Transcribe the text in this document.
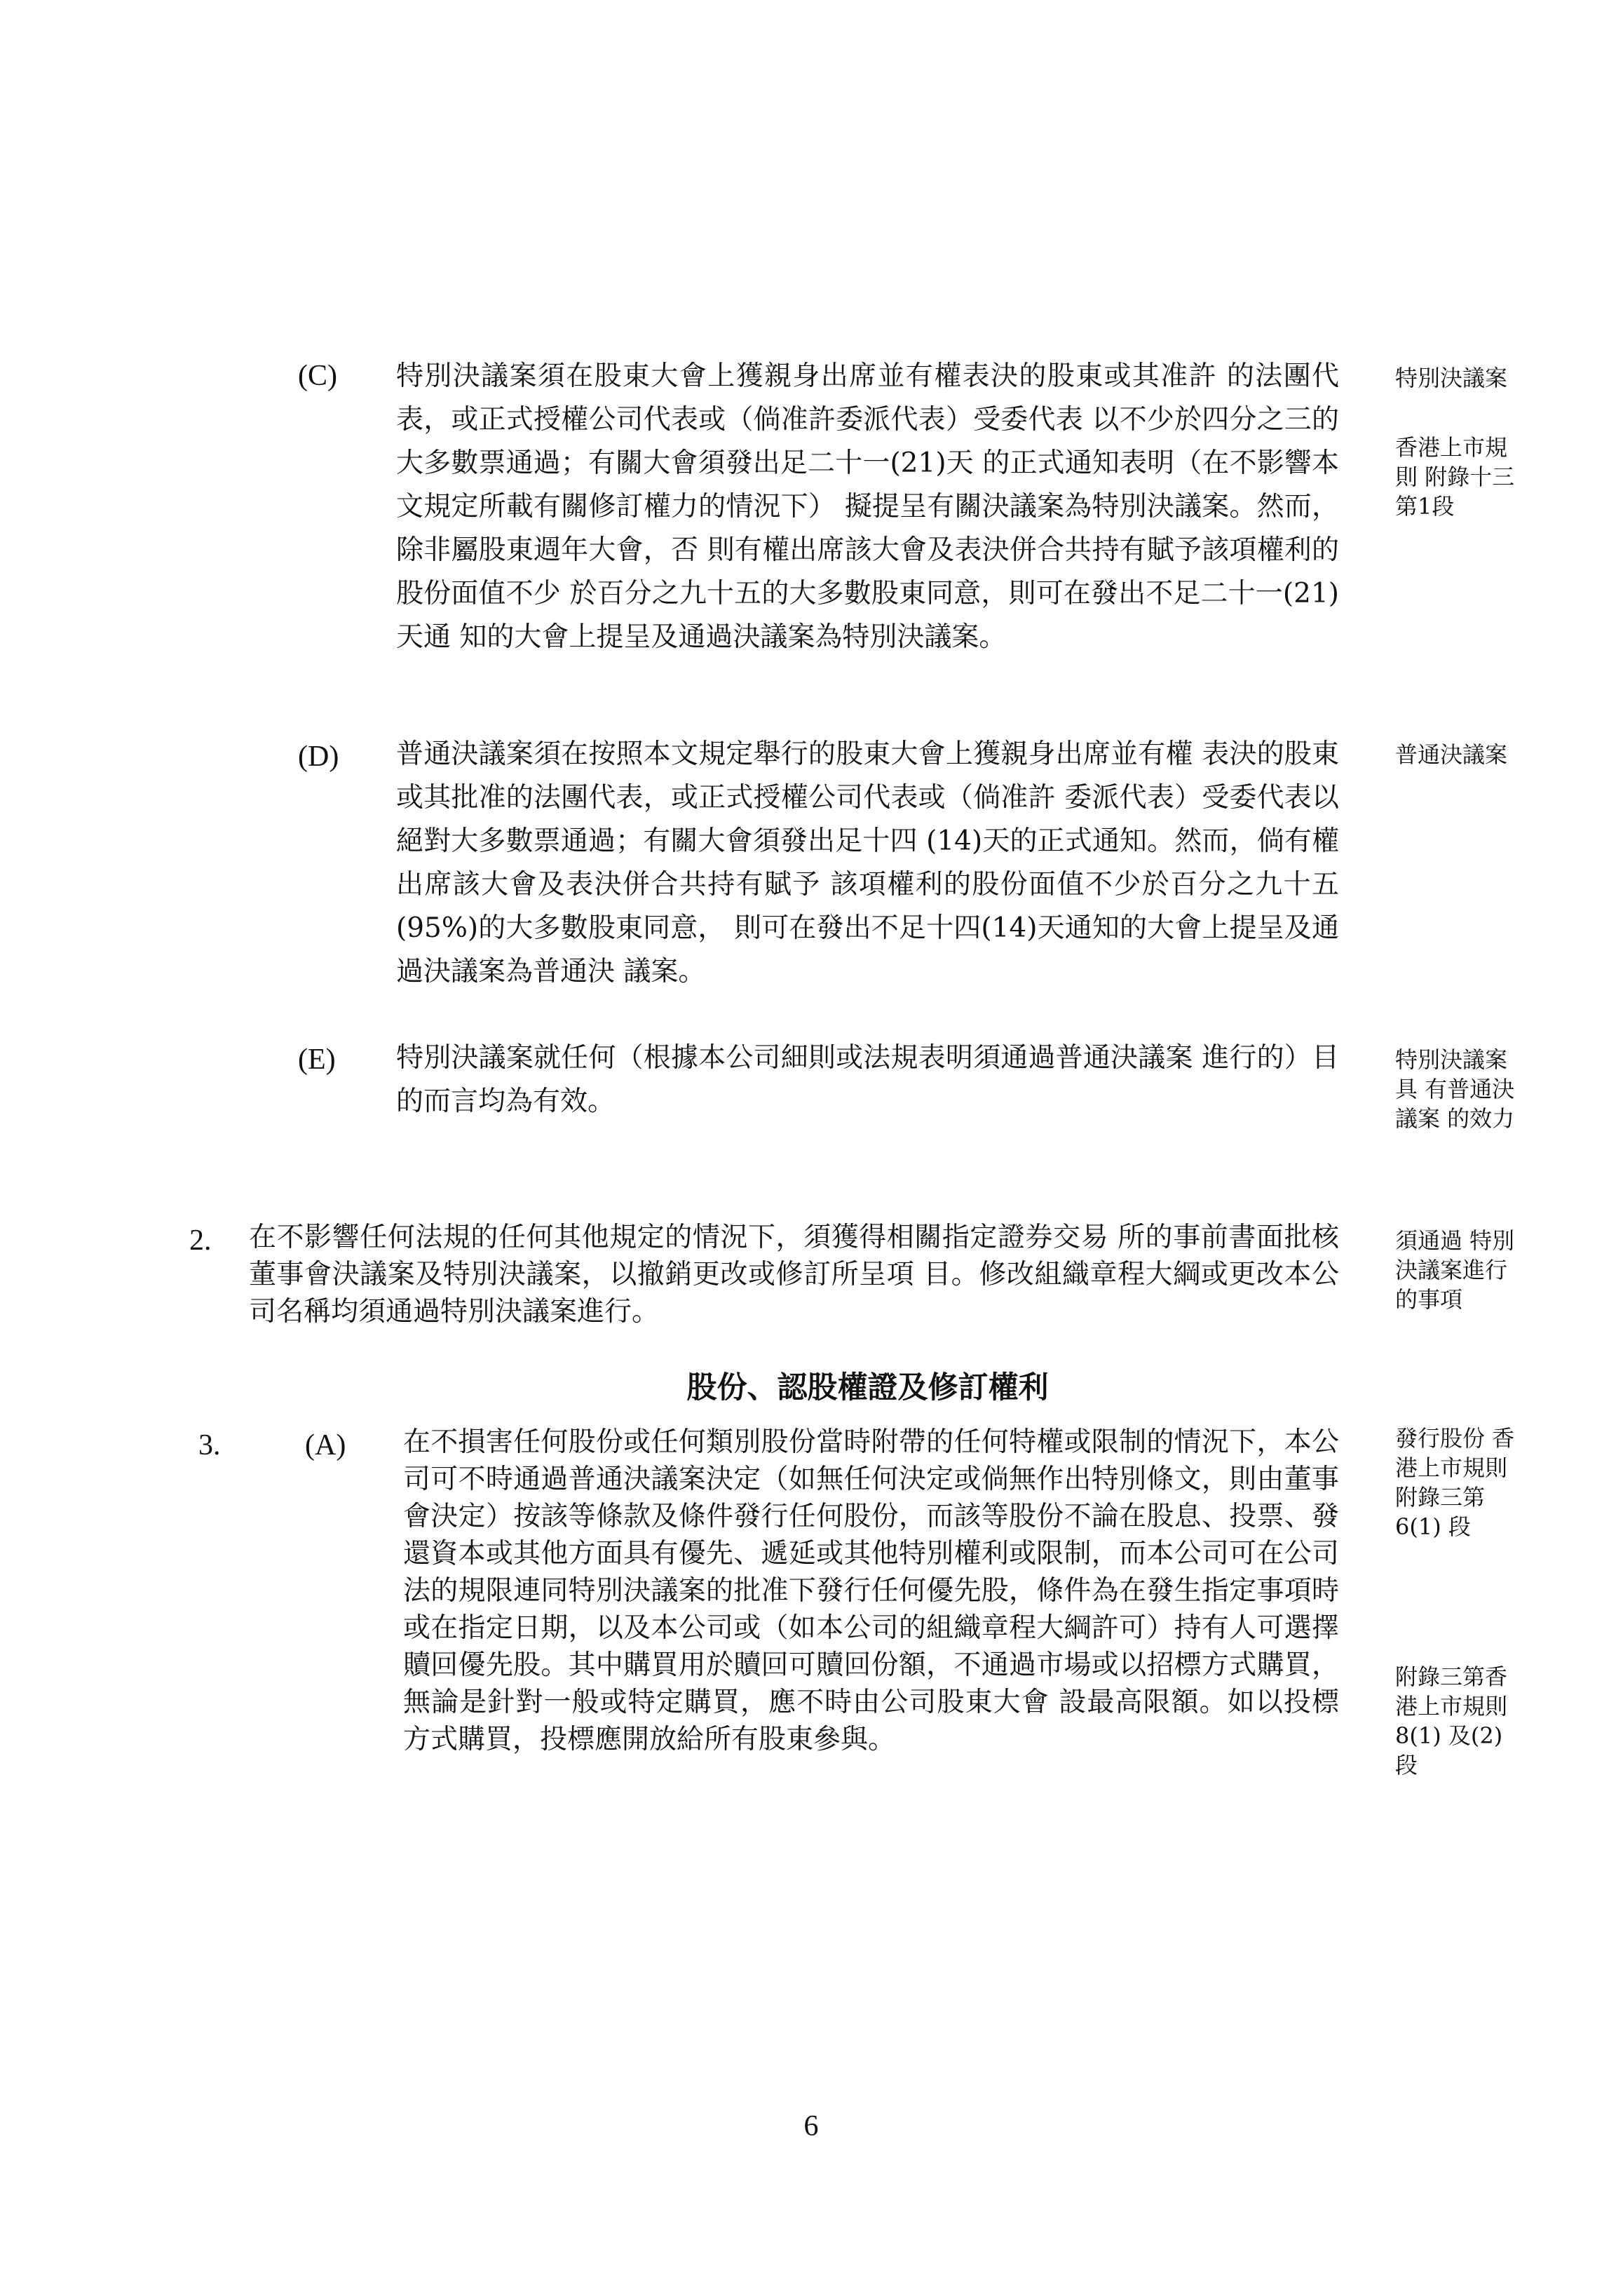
(C) 特別決議案須在股東大會上獲親身出席並有權表決的股東或其准許 的法團代表，或正式授權公司代表或（倘准許委派代表）受委代表 以不少於四分之三的大多數票通過；有關大會須發出足二十一(21)天 的正式通知表明（在不影響本文規定所載有關修訂權力的情況下） 擬提呈有關決議案為特別決議案。然而，除非屬股東週年大會，否 則有權出席該大會及表決併合共持有賦予該項權利的股份面值不少 於百分之九十五的大多數股東同意，則可在發出不足二十一(21)天通 知的大會上提呈及通過決議案為特別決議案。
特別決議案
香港上市規則 附錄十三第1段
(D) 普通決議案須在按照本文規定舉行的股東大會上獲親身出席並有權 表決的股東或其批准的法團代表，或正式授權公司代表或（倘准許 委派代表）受委代表以絕對大多數票通過；有關大會須發出足十四 (14)天的正式通知。然而，倘有權出席該大會及表決併合共持有賦予 該項權利的股份面值不少於百分之九十五(95%)的大多數股東同意， 則可在發出不足十四(14)天通知的大會上提呈及通過決議案為普通決 議案。
普通決議案
(E) 特別決議案就任何（根據本公司細則或法規表明須通過普通決議案 進行的）目的而言均為有效。
特別決議案具 有普通決議案 的效力
2. 在不影響任何法規的任何其他規定的情況下，須獲得相關指定證券交易 所的事前書面批核董事會決議案及特別決議案，以撤銷更改或修訂所呈項 目。修改組織章程大綱或更改本公司名稱均須通過特別決議案進行。
須通過 特別決議案進行的事項
股份、認股權證及修訂權利
3.	(A) 在不損害任何股份或任何類別股份當時附帶的任何特權或限制的情況下，本公司可不時通過普通決議案決定（如無任何決定或倘無作出特別條文，則由董事會決定）按該等條款及條件發行任何股份，而該等股份不論在股息、投票、發還資本或其他方面具有優先、遞延或其他特別權利或限制，而本公司可在公司法的規限連同特別決議案的批准下發行任何優先股，條件為在發生指定事項時或在指定日期，以及本公司或（如本公司的組織章程大綱許可）持有人可選擇贖回優先股。其中購買用於贖回可贖回份額，不通過市場或以招標方式購買，無論是針對一般或特定購買，應不時由公司股東大會 設最高限額。如以投標方式購買，投標應開放給所有股東參與。
發行股份 香港上市規則 附錄三第6(1) 段
附錄三第香港上市規則8(1) 及(2) 段
6
